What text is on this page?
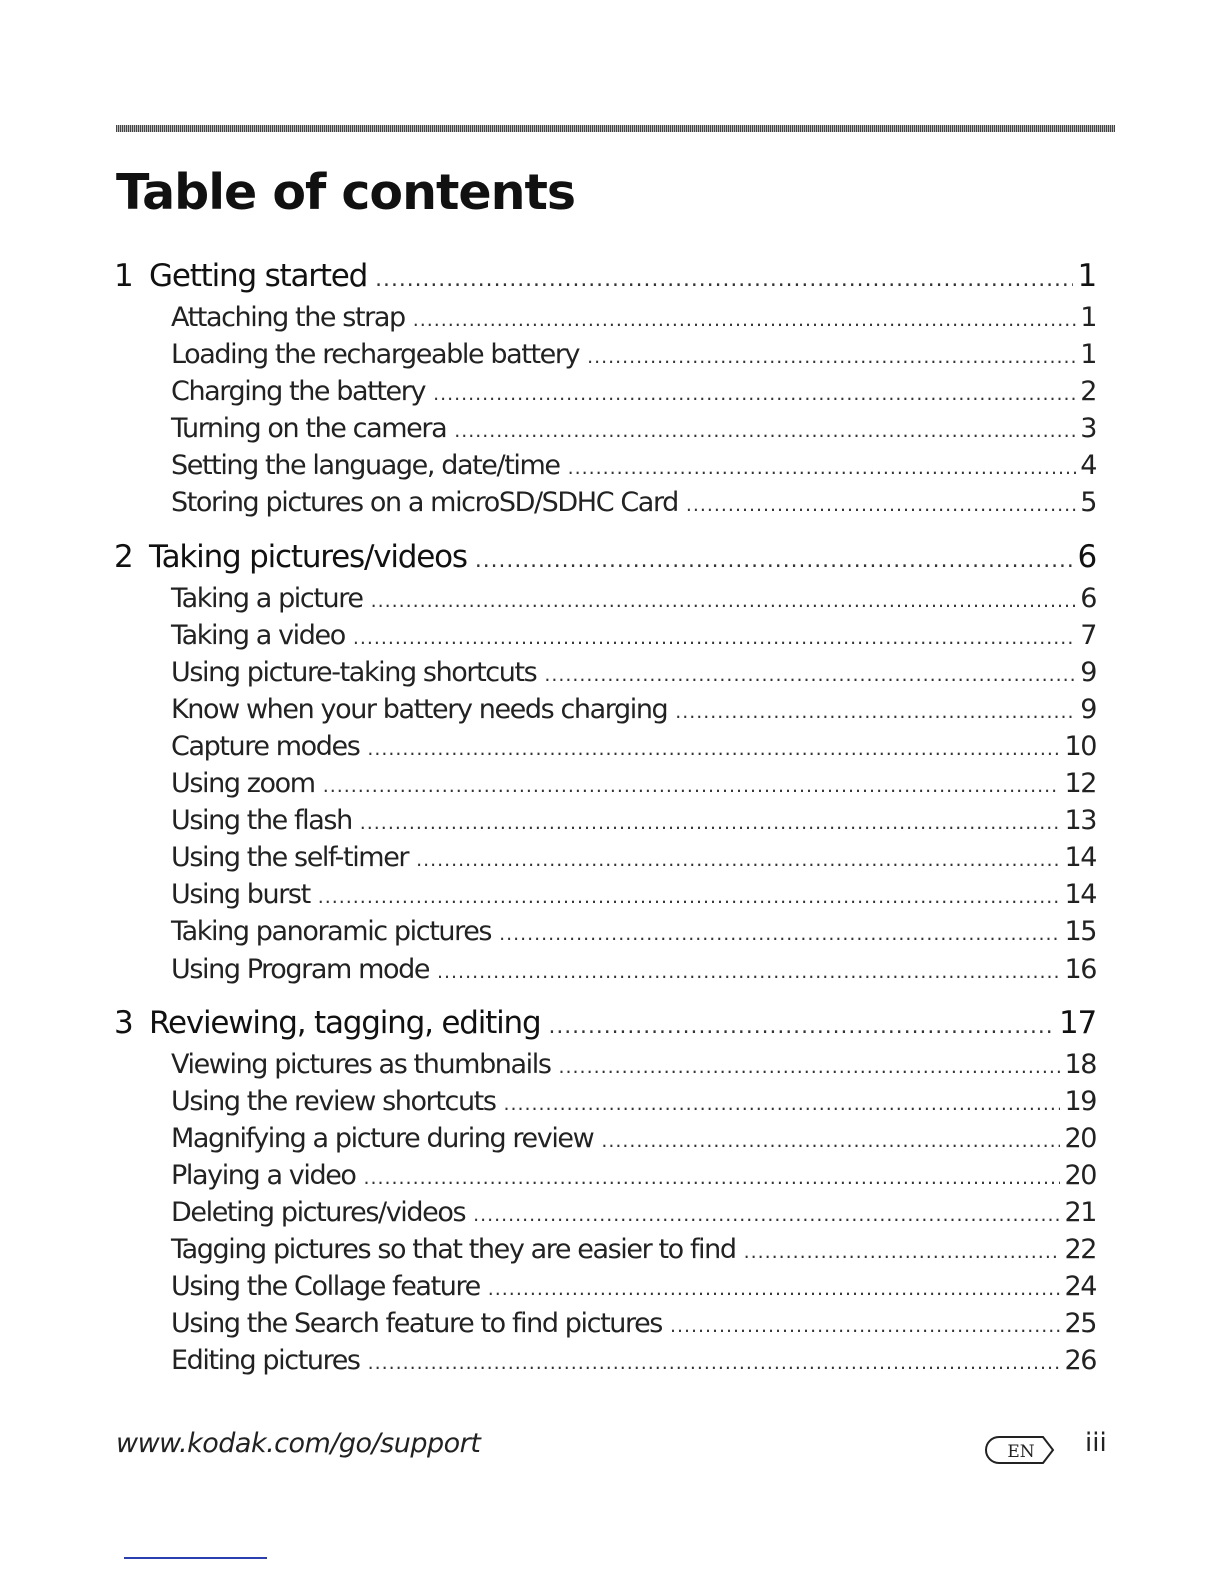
Table of contents
1 Getting started .....	1
Attaching the strap .....	1
Loading the rechargeable battery .....	1
Charging the battery .....	2
Turning on the camera .....	3
Setting the language, date/time .....	4
Storing pictures on a microSD/SDHC Card .....	5
2 Taking pictures/videos .....	6
Taking a picture .....	6
Taking a video .....	7
Using picture-taking shortcuts .....	9
Know when your battery needs charging .....	9
Capture modes .....	10
Using zoom .....	12
Using the flash .....	13
Using the self-timer .....	14
Using burst .....	14
Taking panoramic pictures .....	15
Using Program mode .....	16
3 Reviewing, tagging, editing .....	17
Viewing pictures as thumbnails .....	18
Using the review shortcuts .....	19
Magnifying a picture during review .....	20
Playing a video .....	20
Deleting pictures/videos .....	21
Tagging pictures so that they are easier to find .....	22
Using the Collage feature .....	24
Using the Search feature to find pictures .....	25
Editing pictures .....	26
www.kodak.com/go/support	EN iii
